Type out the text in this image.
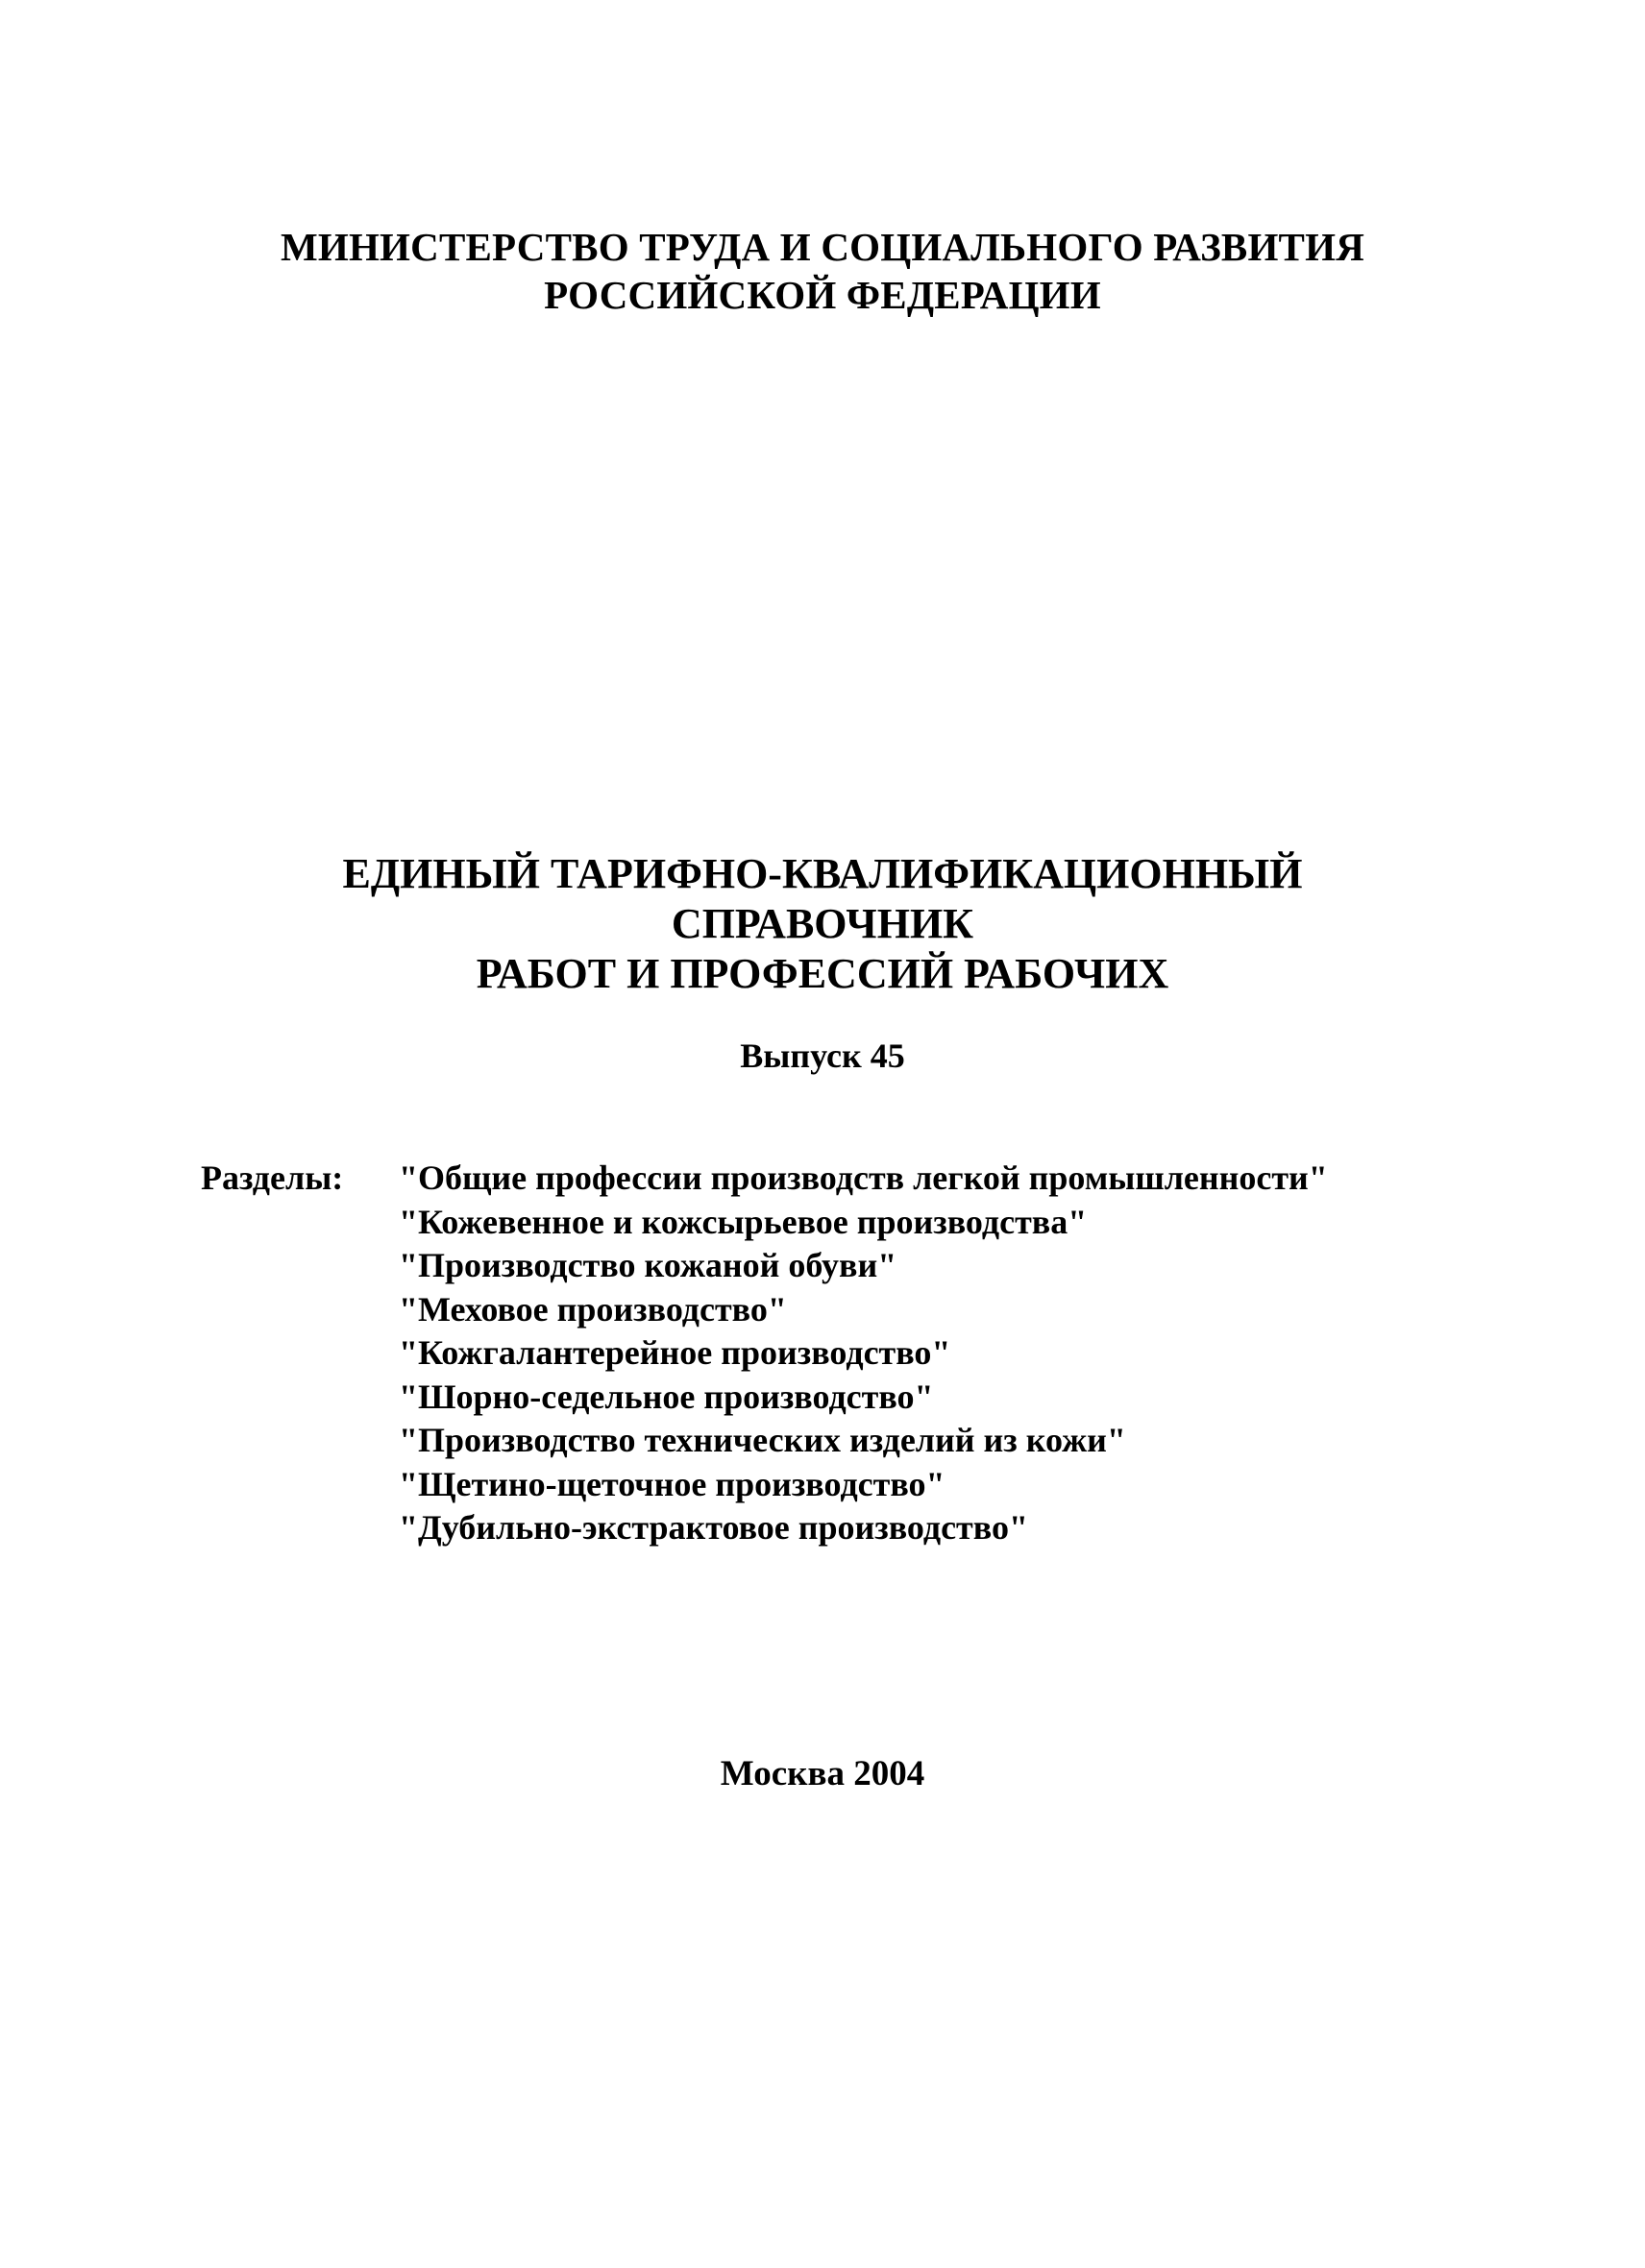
МИНИСТЕРСТВО ТРУДА И СОЦИАЛЬНОГО РАЗВИТИЯ
РОССИЙСКОЙ ФЕДЕРАЦИИ
ЕДИНЫЙ ТАРИФНО-КВАЛИФИКАЦИОННЫЙ
СПРАВОЧНИК
РАБОТ И ПРОФЕССИЙ РАБОЧИХ
Выпуск 45
Разделы: "Общие профессии производств легкой промышленности"
"Кожевенное и кожсырьевое производства"
"Производство кожаной обуви"
"Меховое производство"
"Кожгалантерейное производство"
"Шорно-седельное производство"
"Производство технических изделий из кожи"
"Щетино-щеточное производство"
"Дубильно-экстрактовое производство"
Москва 2004
